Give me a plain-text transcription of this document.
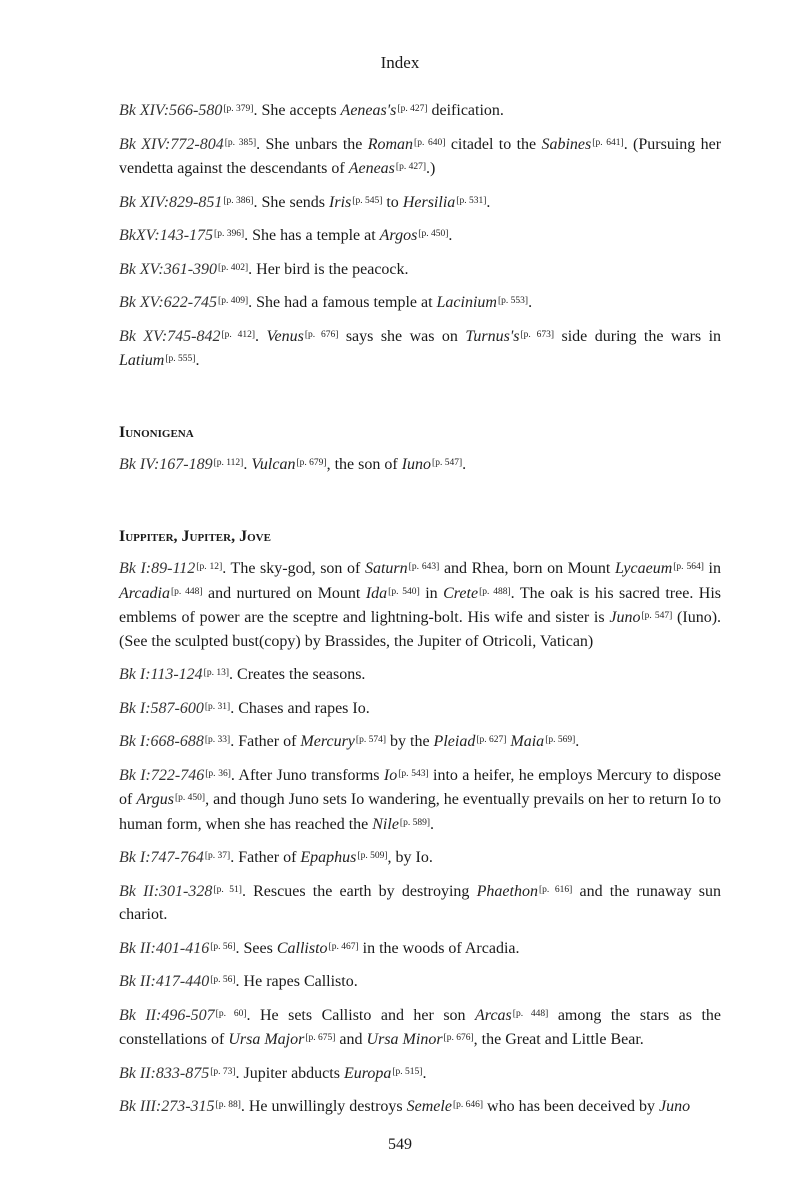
Index

Bk XIV:566-580 [ $^{p. 379}$ ] . She accepts Aeneas's [ $^{p. 427}$ ] deification.

Bk XIV:772-804 [ $^{p. 385}$ ] . She unbars the Roman [ $^{p. 640}$ ] citadel to the Sabines [ $^{p. 641}$ ] . (Pursuing her vendetta against the descendants of Aeneas [ $^{p. 427}$ ] .)

Bk XIV:829-851 [ $^{p. 386}$ ] . She sends Iris [ $^{p. 545}$ ] to Hersilia [ $^{p. 531}$ ] .

BkXV:143-175 [ $^{p. 396}$ ] . She has a temple at Argos [ $^{p. 450}$ ] .

Bk XV:361-390 [ $^{p. 402}$ ] . Her bird is the peacock.

Bk XV:622-745 [ $^{p. 409}$ ] . She had a famous temple at Lacinium [ $^{p. 553}$ ] .

Bk XV:745-842 [ $^{p. 412}$ ] . Venus [ $^{p. 676}$ ] says she was on Turnus's [ $^{p. 673}$ ] side during the wars in Latium [ $^{p. 555}$ ] .

Iunonigena

Bk IV:167-189 [ $^{p. 112}$ ] . Vulcan [ $^{p. 679}$ ] , the son of Iuno [ $^{p. 547}$ ] .

Iuppiter, Jupiter, Jove

Bk I:89-112 [ $^{p. 12}$ ] . The sky-god, son of Saturn [ $^{p. 643}$ ] and Rhea, born on Mount Lycaeum [ $^{p. 564}$ ] in Arcadia [ $^{p. 448}$ ] and nurtured on Mount Ida [ $^{p. 540}$ ] in Crete [ $^{p. 488}$ ] . The oak is his sacred tree. His emblems of power are the sceptre and lightning-bolt. His wife and sister is Juno [ $^{p. 547}$ ] (Iuno). (See the sculpted bust(copy) by Brassides, the Jupiter of Otricoli, Vatican)

Bk I:113-124 [ $^{p. 13}$ ] . Creates the seasons.

Bk I:587-600 [ $^{p. 31}$ ] . Chases and rapes Io.

Bk I:668-688 [ $^{p. 33}$ ] . Father of Mercury [ $^{p. 574}$ ] by the Pleiad [ $^{p. 627}$ ] Maia [ $^{p. 569}$ ] .

Bk I:722-746 [ $^{p. 36}$ ] . After Juno transforms Io [ $^{p. 543}$ ] into a heifer, he employs Mercury to dispose of Argus [ $^{p. 450}$ ] , and though Juno sets Io wandering, he eventually prevails on her to return Io to human form, when she has reached the Nile [ $^{p. 589}$ ] .

Bk I:747-764 [ $^{p. 37}$ ] . Father of Epaphus [ $^{p. 509}$ ] , by Io.

Bk II:301-328 [ $^{p. 51}$ ] . Rescues the earth by destroying Phaethon [ $^{p. 616}$ ] and the runaway sun chariot.

Bk II:401-416 [ $^{p. 56}$ ] . Sees Callisto [ $^{p. 467}$ ] in the woods of Arcadia.

Bk II:417-440 [ $^{p. 56}$ ] . He rapes Callisto.

Bk II:496-507 [ $^{p. 60}$ ] . He sets Callisto and her son Arcas [ $^{p. 448}$ ] among the stars as the constellations of Ursa Major [ $^{p. 675}$ ] and Ursa Minor [ $^{p. 676}$ ] , the Great and Little Bear.

Bk II:833-875 [ $^{p. 73}$ ] . Jupiter abducts Europa [ $^{p. 515}$ ] .

Bk III:273-315 [ $^{p. 88}$ ] . He unwillingly destroys Semele [ $^{p. 646}$ ] who has been deceived by Juno

549
